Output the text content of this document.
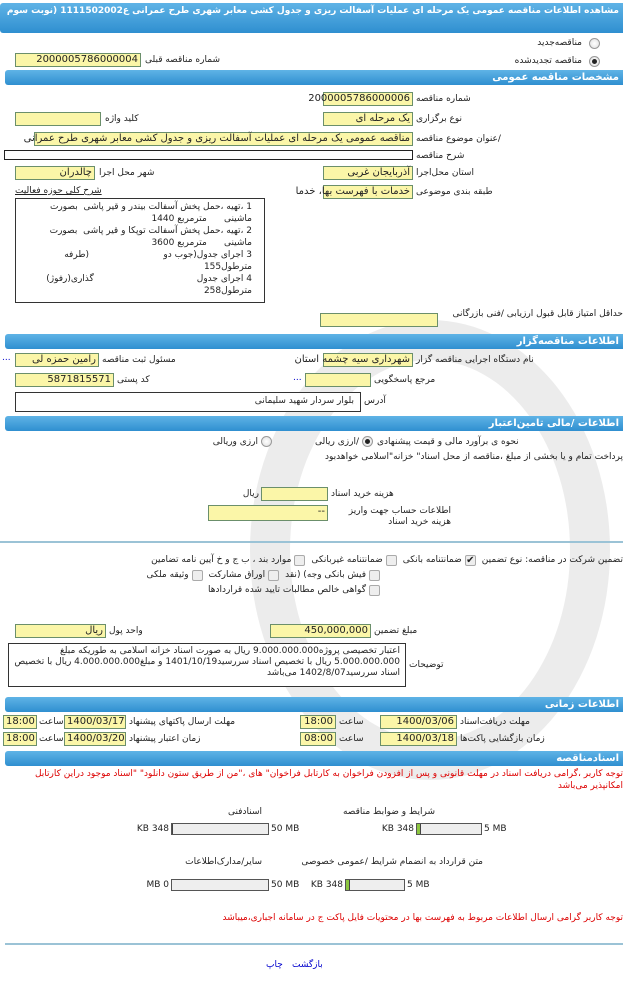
مشاهده اطلاعات مناقصه عمومی یک مرحله ای عملیات آسفالت ریزی و جدول کشی معابر شهری طرح عمرانی ع1111502002 (نوبت سوم
مناقصه‌جدید
مناقصه تجدیدشده
شماره مناقصه قبلی
2000005786000004
مشخصات مناقصه عمومی
2000005786000006 شماره مناقصه
یک مرحله ای نوع برگزاری
کلید واژه
مناقصه عمومی یک مرحله ای عملیات آسفالت ریزی و جدول کشی معابر شهری طرح عمرانی /عنوان موضوع مناقصه
شرح مناقصه
آذربایجان غربی استان محل‌اجرا
چالدران شهر محل اجرا
خدمات با فهرست بها، خدما طبقه بندی موضوعی
شرح کلی حوزه فعالیت
1 ،تهیه ،حمل پخش آسفالت بیندر و قیر پاشی  بصورت
ماشینی      مترمربع 1440
2 ،تهیه ،حمل پخش آسفالت توپکا و قیر پاشی  بصورت
ماشینی      مترمربع 3600
3 اجرای جدول(جوب دو                          (طرفه
مترطول155
4 اجرای جدول                                    گذاری(رفوژ)
مترطول258
حداقل امتیاز قابل قبول ارزیابی /فنی بازرگانی
اطلاعات مناقصه‌گزار
شهرداری سیه چشمه استان نام دستگاه اجرایی مناقصه گزار
رامین حمزه لی مسئول ثبت مناقصه
...
...	مرجع پاسخگویی
5871815571 کد پستی
بلوار سردار شهید سلیمانی	آدرس
اطلاعات /مالی تامین‌اعتبار
نحوه ی برآورد مالی و قیمت پیشنهادی
/ارزی ریالی
ارزی وریالی
پرداخت تمام و یا بخشی از مبلغ ،مناقصه از محل اسناد" خزانه"اسلامی خواهد‌بود
ریال	هزینه خرید اسناد
--	اطلاعات حساب جهت واریز هزینه خرید اسناد
تضمین شرکت در مناقصه: نوع تضمین
✔
ضمانتنامه بانکی
ضمانتنامه غیربانکی
موارد بند ، ب ج و خ آیین نامه تضامین
فیش بانکی وجه) (نقد
اوراق مشارکت
وثیقه ملکی
گواهی خالص مطالبات تایید شده قراردادها
450,000,000 مبلغ تضمین
ریال واحد پول
اعتبار تخصیصی پروژه9.000.000.000 ریال به صورت اسناد خزانه اسلامی به طوریکه مبلغ 5.000.000.000 ریال با تخصیص اسناد سررسید1401/10/19 و مبلغ4.000.000.000 ریال با تخصیص اسناد سررسید1402/8/07 می‌باشد
توضیحات
اطلاعات زمانی
1400/03/06 مهلت دریافت‌اسناد
18:00 ساعت
1400/03/17 مهلت ارسال پاکتهای پیشنهاد
18:00 ساعت
1400/03/18 زمان بازگشایی پاکت‌ها
08:00 ساعت
1400/03/20 زمان اعتبار پیشنهاد
18:00 ساعت
اسنادمناقصه
توجه کاربر ،گرامی دریافت اسناد در مهلت قانونی و پس از افزودن فراخوان به کارتابل فراخوان" های ،"من از طریق ستون دانلود" "اسناد موجود دراین کارتابل امکانپذیر می‌باشد
شرایط و ضوابط مناقصه
348 KB	5 MB
اسنادفنی
348 KB	50 MB
متن قرارداد به انضمام شرایط /عمومی خصوصی
348 KB	5 MB
سایر/مدارک‌اطلاعات
0 MB	50 MB
توجه کاربر گرامی ارسال اطلاعات مربوط به فهرست بها در محتویات فایل پاکت ج در سامانه اجباری،میباشد
بازگشت
چاپ
